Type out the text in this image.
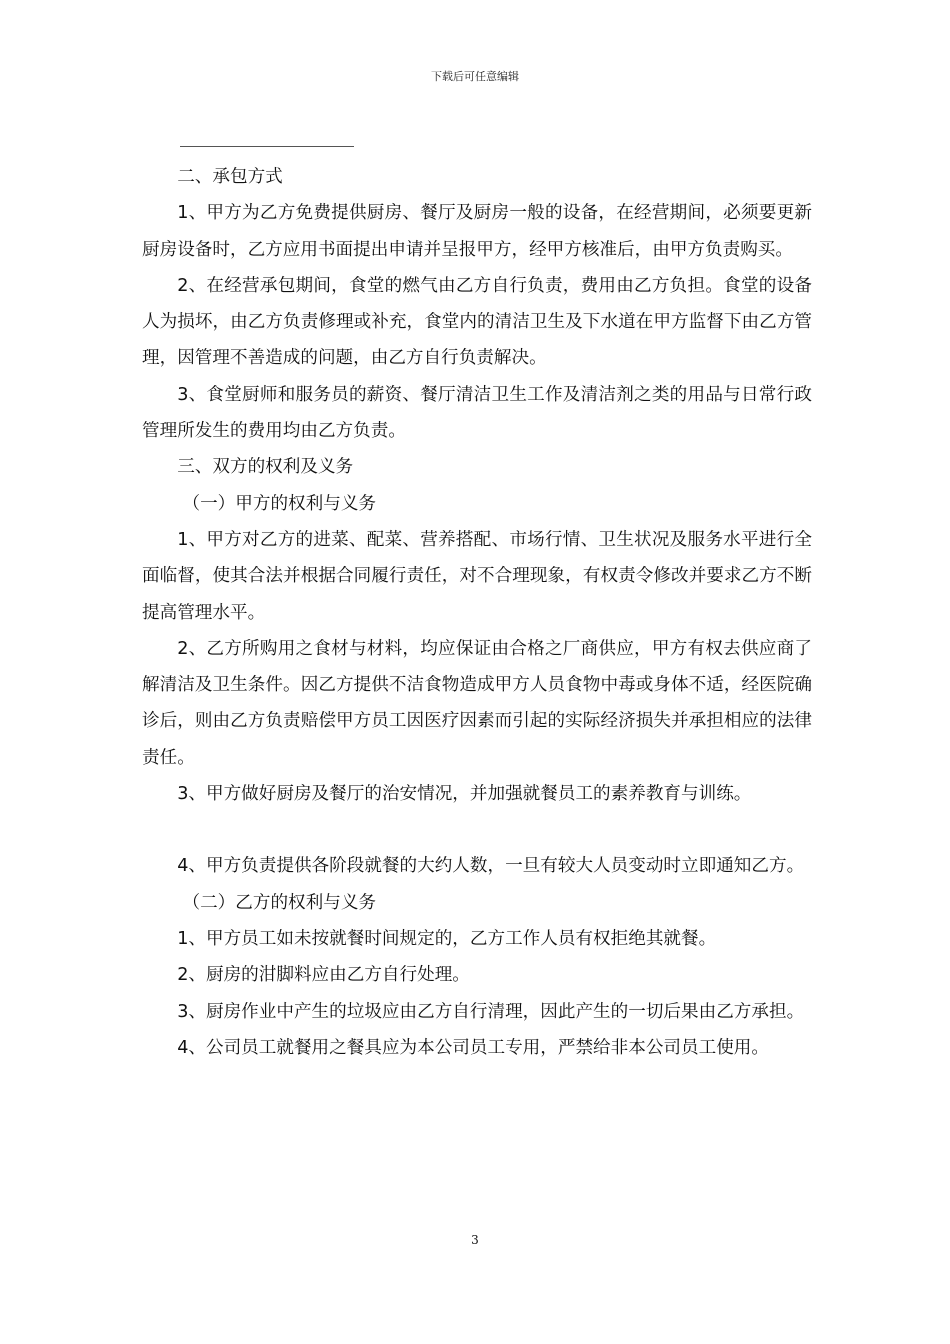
下载后可任意编辑

二、承包方式

1、甲方为乙方免费提供厨房、餐厅及厨房一般的设备，在经营期间，必须要更新厨房设备时，乙方应用书面提出申请并呈报甲方，经甲方核准后，由甲方负责购买。

2、在经营承包期间，食堂的燃气由乙方自行负责，费用由乙方负担。食堂的设备人为损坏，由乙方负责修理或补充，食堂内的清洁卫生及下水道在甲方监督下由乙方管理，因管理不善造成的问题，由乙方自行负责解决。

3、食堂厨师和服务员的薪资、餐厅清洁卫生工作及清洁剂之类的用品与日常行政管理所发生的费用均由乙方负责。

三、双方的权利及义务

（一）甲方的权利与义务

1、甲方对乙方的进菜、配菜、营养搭配、市场行情、卫生状况及服务水平进行全面临督，使其合法并根据合同履行责任，对不合理现象，有权责令修改并要求乙方不断提高管理水平。

2、乙方所购用之食材与材料，均应保证由合格之厂商供应，甲方有权去供应商了解清洁及卫生条件。因乙方提供不洁食物造成甲方人员食物中毒或身体不适，经医院确诊后，则由乙方负责赔偿甲方员工因医疗因素而引起的实际经济损失并承担相应的法律责任。

3、甲方做好厨房及餐厅的治安情况，并加强就餐员工的素养教育与训练。

4、甲方负责提供各阶段就餐的大约人数，一旦有较大人员变动时立即通知乙方。

（二）乙方的权利与义务

1、甲方员工如未按就餐时间规定的，乙方工作人员有权拒绝其就餐。

2、厨房的泔脚料应由乙方自行处理。

3、厨房作业中产生的垃圾应由乙方自行清理，因此产生的一切后果由乙方承担。

4、公司员工就餐用之餐具应为本公司员工专用，严禁给非本公司员工使用。

3
